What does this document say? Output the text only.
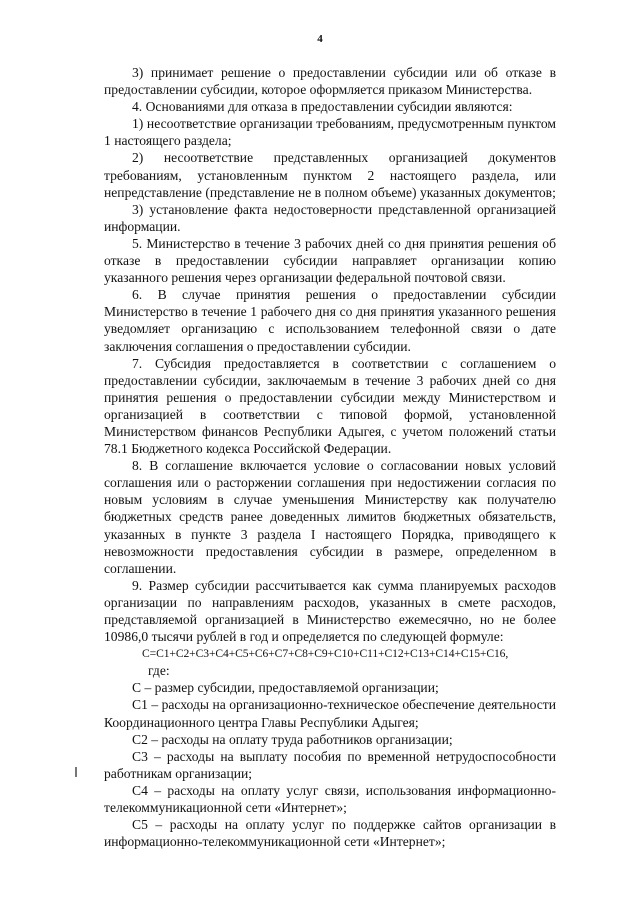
4

3) принимает решение о предоставлении субсидии или об отказе в предоставлении субсидии, которое оформляется приказом Министерства.

4. Основаниями для отказа в предоставлении субсидии являются:

1) несоответствие организации требованиям, предусмотренным пунктом 1 настоящего раздела;

2) несоответствие представленных организацией документов требованиям, установленным пунктом 2 настоящего раздела, или непредставление (представление не в полном объеме) указанных документов;

3) установление факта недостоверности представленной организацией информации.

5. Министерство в течение 3 рабочих дней со дня принятия решения об отказе в предоставлении субсидии направляет организации копию указанного решения через организации федеральной почтовой связи.

6. В случае принятия решения о предоставлении субсидии Министерство в течение 1 рабочего дня со дня принятия указанного решения уведомляет организацию с использованием телефонной связи о дате заключения соглашения о предоставлении субсидии.

7. Субсидия предоставляется в соответствии с соглашением о предоставлении субсидии, заключаемым в течение 3 рабочих дней со дня принятия решения о предоставлении субсидии между Министерством и организацией в соответствии с типовой формой, установленной Министерством финансов Республики Адыгея, с учетом положений статьи 78.1 Бюджетного кодекса Российской Федерации.

8. В соглашение включается условие о согласовании новых условий соглашения или о расторжении соглашения при недостижении согласия по новым условиям в случае уменьшения Министерству как получателю бюджетных средств ранее доведенных лимитов бюджетных обязательств, указанных в пункте 3 раздела I настоящего Порядка, приводящего к невозможности предоставления субсидии в размере, определенном в соглашении.

9. Размер субсидии рассчитывается как сумма планируемых расходов организации по направлениям расходов, указанных в смете расходов, представляемой организацией в Министерство ежемесячно, но не более 10986,0 тысячи рублей в год и определяется по следующей формуле:

C=C1+C2+C3+C4+C5+C6+C7+C8+C9+C10+C11+C12+C13+C14+C15+C16,

где:

С – размер субсидии, предоставляемой организации;

С1 – расходы на организационно-техническое обеспечение деятельности Координационного центра Главы Республики Адыгея;

С2 – расходы на оплату труда работников организации;

С3 – расходы на выплату пособия по временной нетрудоспособности работникам организации;

С4 – расходы на оплату услуг связи, использования информационно-телекоммуникационной сети «Интернет»;

С5 – расходы на оплату услуг по поддержке сайтов организации в информационно-телекоммуникационной сети «Интернет»;
